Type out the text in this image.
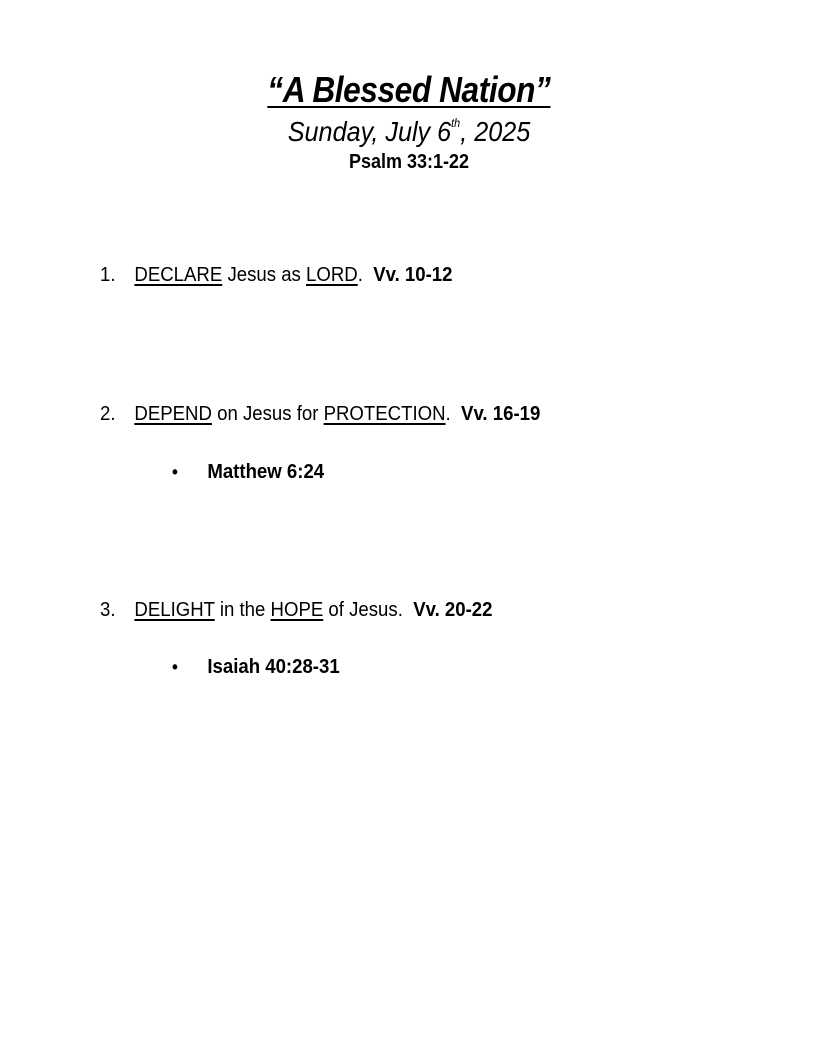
“A Blessed Nation”
Sunday, July 6th, 2025
Psalm 33:1-22
1. DECLARE Jesus as LORD.  Vv. 10-12
2. DEPEND on Jesus for PROTECTION.  Vv. 16-19
• Matthew 6:24
3. DELIGHT in the HOPE of Jesus.  Vv. 20-22
• Isaiah 40:28-31
